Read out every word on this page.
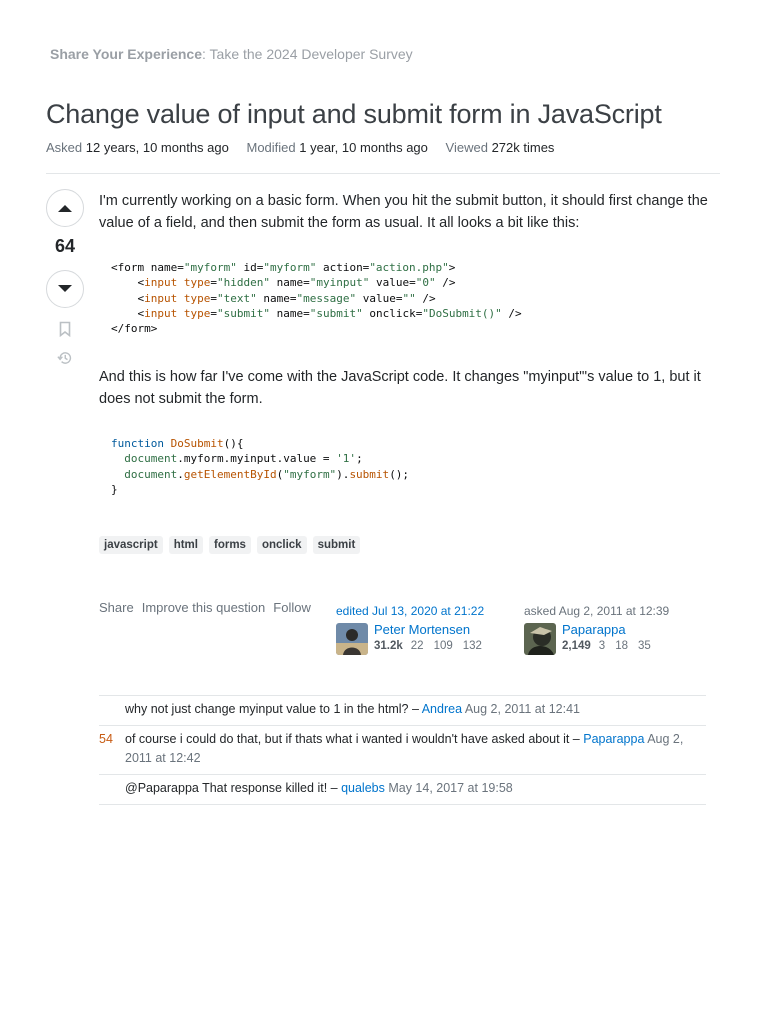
Share Your Experience: Take the 2024 Developer Survey
Change value of input and submit form in JavaScript
Asked 12 years, 10 months ago Modified 1 year, 10 months ago Viewed 272k times
64

I'm currently working on a basic form. When you hit the submit button, it should first change the value of a field, and then submit the form as usual. It all looks a bit like this:

<form name="myform" id="myform" action="action.php">
<input type="hidden" name="myinput" value="0" />
<input type="text" name="message" value="" />
<input type="submit" name="submit" onclick="DoSubmit()" />
</form>

And this is how far I've come with the JavaScript code. It changes "myinput"'s value to 1, but it does not submit the form.

function DoSubmit(){
document.myform.myinput.value = '1';
document.getElementById("myform").submit();
}
javascript	html	forms	onclick	submit
Share Improve this question Follow edited Jul 13, 2020 at 21:22
Peter Mortensen
31.2k 22 109 132
asked Aug 2, 2011 at 12:39
Paparappa
2,149 3 18 35
why not just change myinput value to 1 in the html? – Andrea Aug 2, 2011 at 12:41
54 of course i could do that, but if thats what i wanted i wouldn't have asked about it – Paparappa Aug 2, 2011 at 12:42
@Paparappa That response killed it! – qualebs May 14, 2017 at 19:58
